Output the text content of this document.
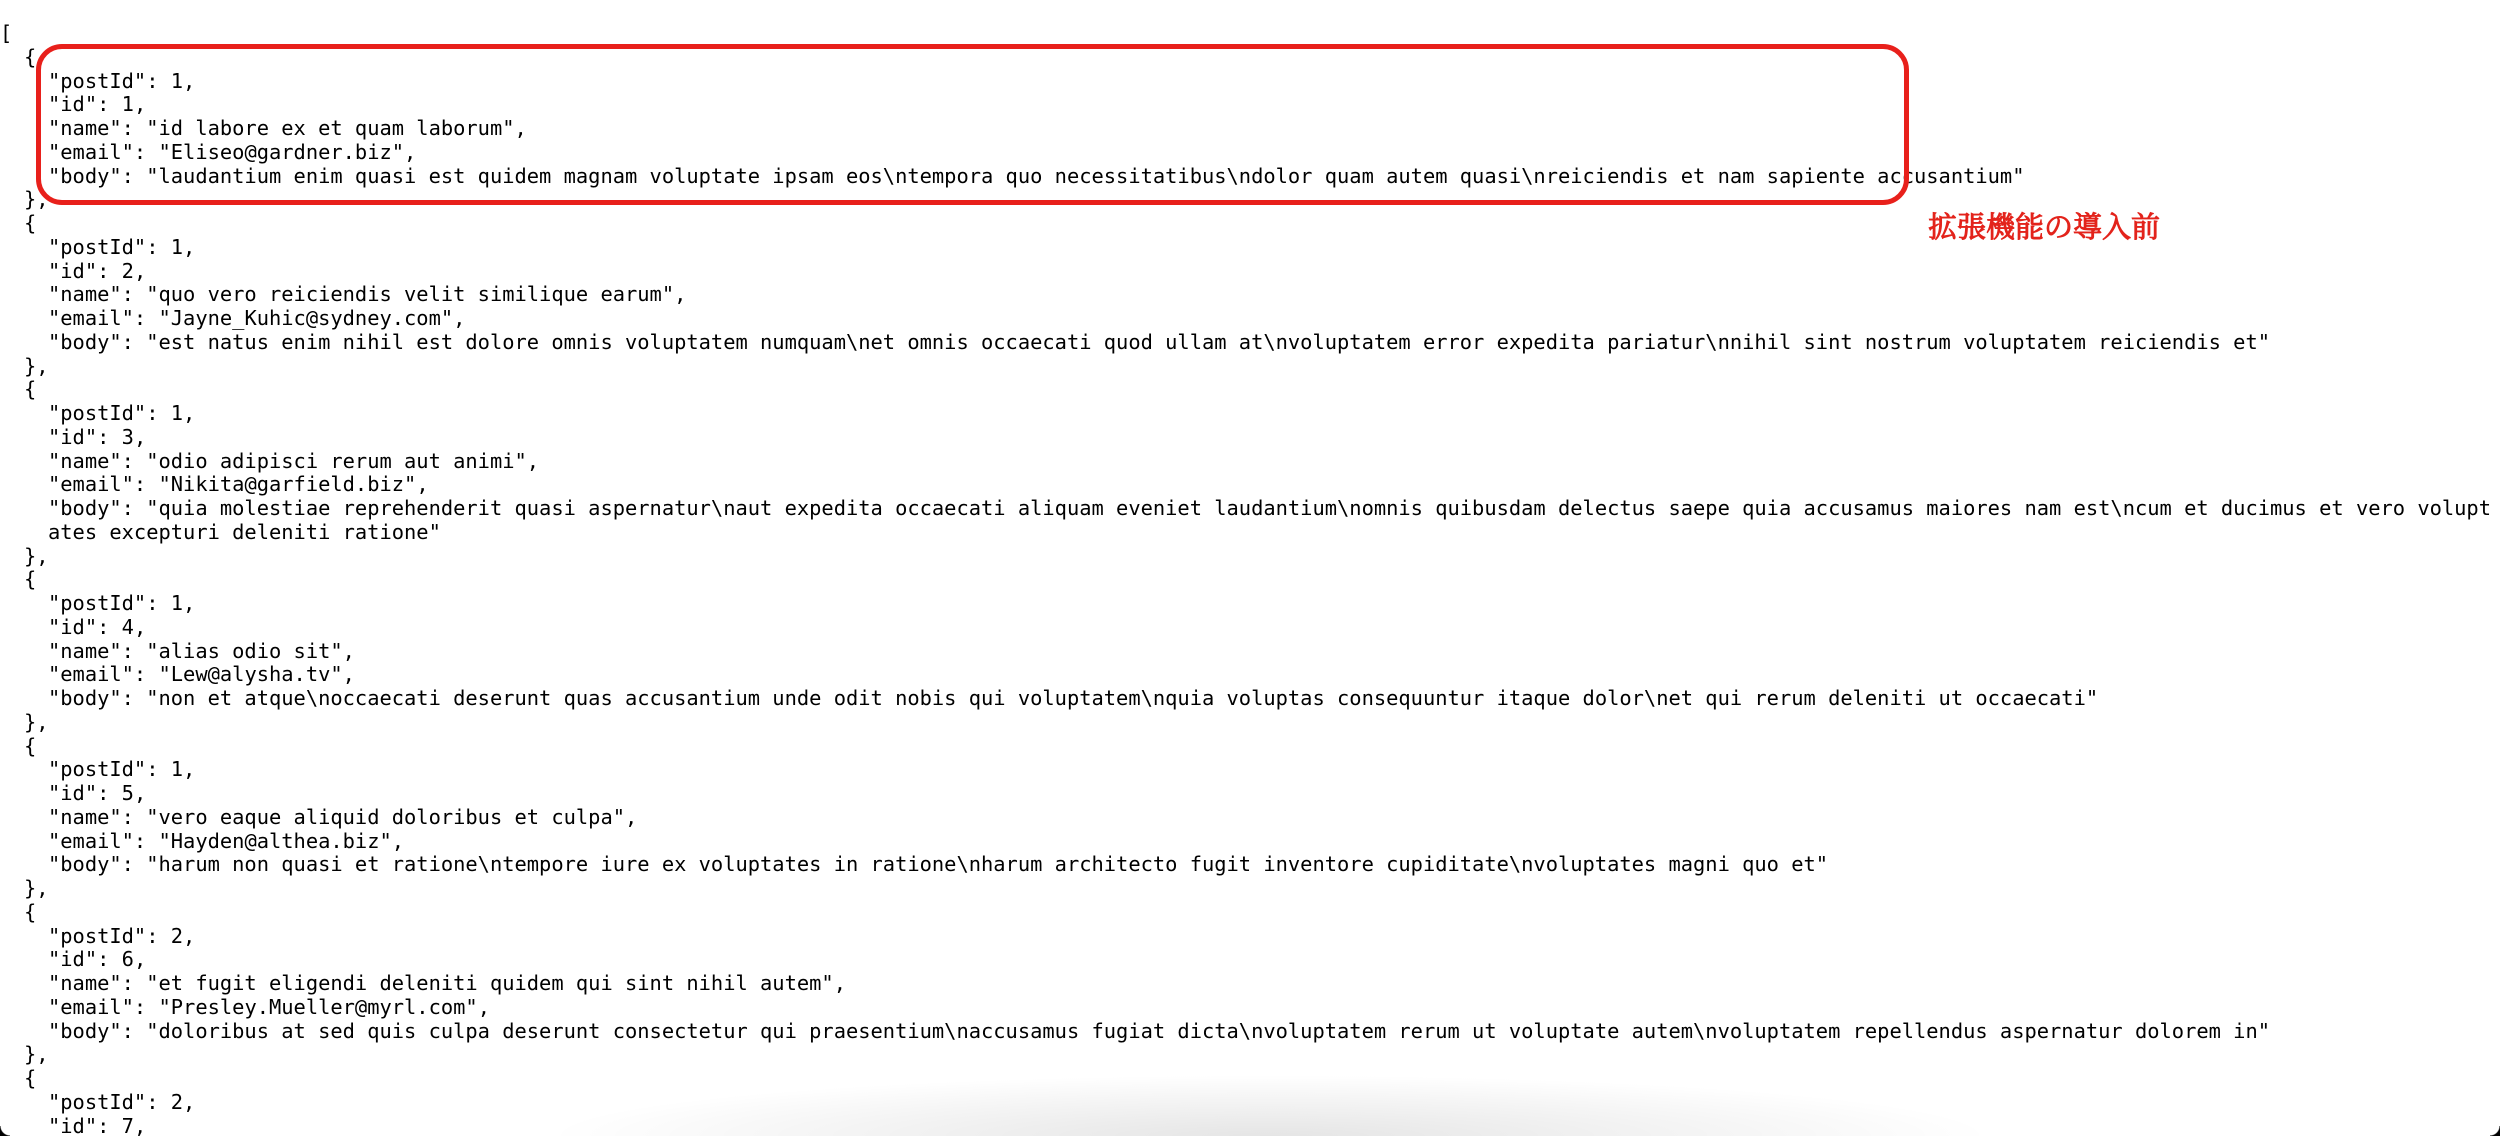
[
{
"postId": 1,
"id": 1,
"name": "id labore ex et quam laborum",
"email": "Eliseo@gardner.biz",
"body": "laudantium enim quasi est quidem magnam voluptate ipsam eos\ntempora quo necessitatibus\ndolor quam autem quasi\nreiciendis et nam sapiente accusantium"
},
{
"postId": 1,
"id": 2,
"name": "quo vero reiciendis velit similique earum",
"email": "Jayne_Kuhic@sydney.com",
"body": "est natus enim nihil est dolore omnis voluptatem numquam\net omnis occaecati quod ullam at\nvoluptatem error expedita pariatur\nnihil sint nostrum voluptatem reiciendis et"
},
{
"postId": 1,
"id": 3,
"name": "odio adipisci rerum aut animi",
"email": "Nikita@garfield.biz",
"body": "quia molestiae reprehenderit quasi aspernatur\naut expedita occaecati aliquam eveniet laudantium\nomnis quibusdam delectus saepe quia accusamus maiores nam est\ncum et ducimus et vero voluptates excepturi deleniti ratione"
},
{
"postId": 1,
"id": 4,
"name": "alias odio sit",
"email": "Lew@alysha.tv",
"body": "non et atque\noccaecati deserunt quas accusantium unde odit nobis qui voluptatem\nquia voluptas consequuntur itaque dolor\net qui rerum deleniti ut occaecati"
},
{
"postId": 1,
"id": 5,
"name": "vero eaque aliquid doloribus et culpa",
"email": "Hayden@althea.biz",
"body": "harum non quasi et ratione\ntempore iure ex voluptates in ratione\nharum architecto fugit inventore cupiditate\nvoluptates magni quo et"
},
{
"postId": 2,
"id": 6,
"name": "et fugit eligendi deleniti quidem qui sint nihil autem",
"email": "Presley.Mueller@myrl.com",
"body": "doloribus at sed quis culpa deserunt consectetur qui praesentium\naccusamus fugiat dicta\nvoluptatem rerum ut voluptate autem\nvoluptatem repellendus aspernatur dolorem in"
},
{
"postId": 2,
"id": 7,
拡張機能の導入前
